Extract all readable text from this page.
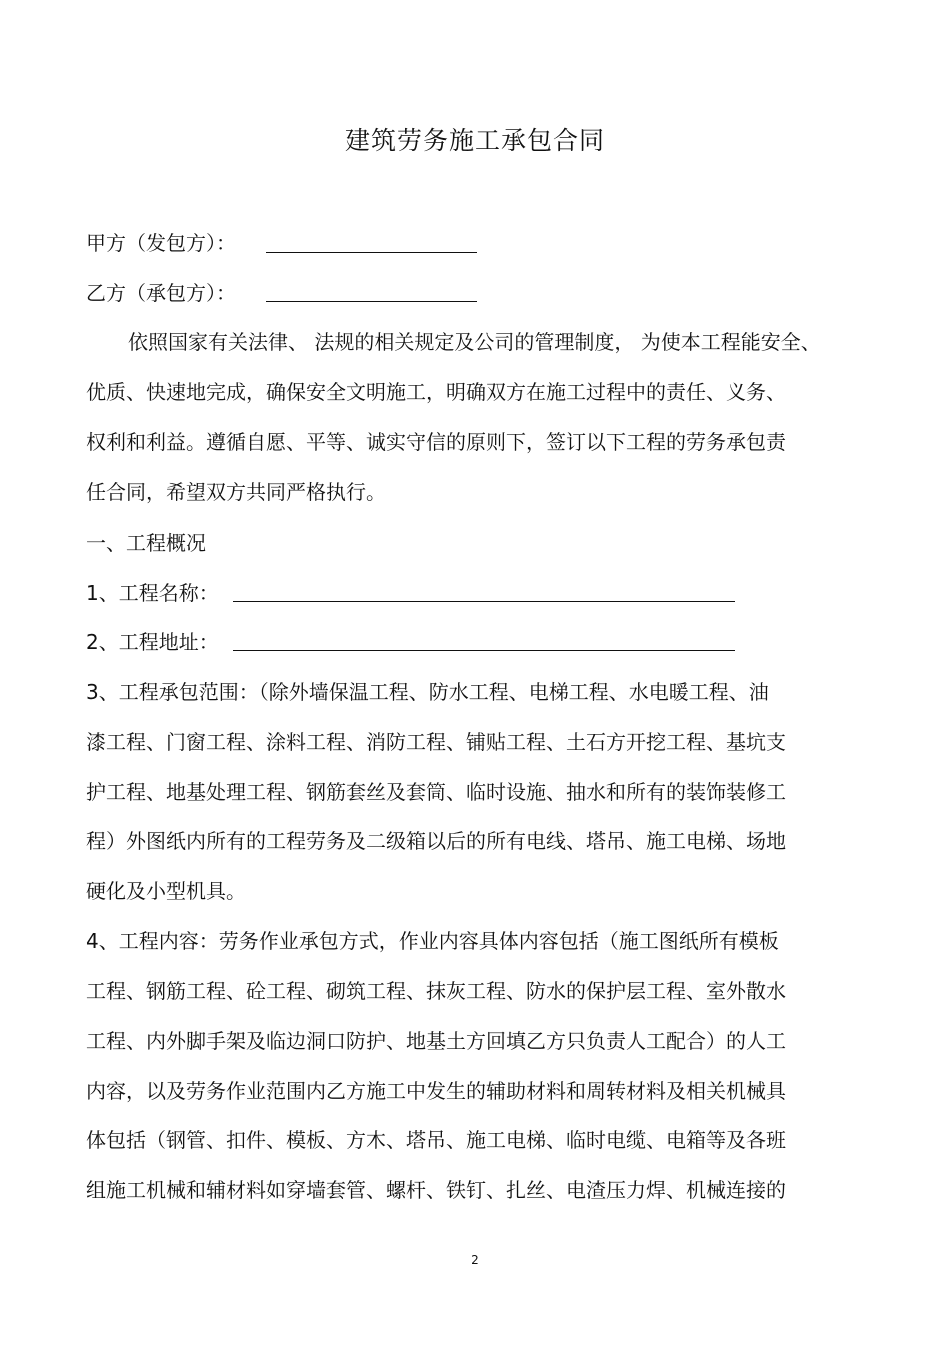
建筑劳务施工承包合同
甲方（发包方）：
乙方（承包方）：
依照国家有关法律、 法规的相关规定及公司的管理制度， 为使本工程能安全、
优质、快速地完成，确保安全文明施工，明确双方在施工过程中的责任、义务、
权利和利益。遵循自愿、平等、诚实守信的原则下，签订以下工程的劳务承包责
任合同，希望双方共同严格执行。
一、工程概况
1、工程名称：
2、工程地址：
3、工程承包范围：（除外墙保温工程、防水工程、电梯工程、水电暖工程、油
漆工程、门窗工程、涂料工程、消防工程、铺贴工程、土石方开挖工程、基坑支
护工程、地基处理工程、钢筋套丝及套筒、临时设施、抽水和所有的装饰装修工
程）外图纸内所有的工程劳务及二级箱以后的所有电线、塔吊、施工电梯、场地
硬化及小型机具。
4、工程内容：劳务作业承包方式，作业内容具体内容包括（施工图纸所有模板
工程、钢筋工程、砼工程、砌筑工程、抹灰工程、防水的保护层工程、室外散水
工程、内外脚手架及临边洞口防护、地基土方回填乙方只负责人工配合）的人工
内容，以及劳务作业范围内乙方施工中发生的辅助材料和周转材料及相关机械具
体包括（钢管、扣件、模板、方木、塔吊、施工电梯、临时电缆、电箱等及各班
组施工机械和辅材料如穿墙套管、螺杆、铁钉、扎丝、电渣压力焊、机械连接的
2
